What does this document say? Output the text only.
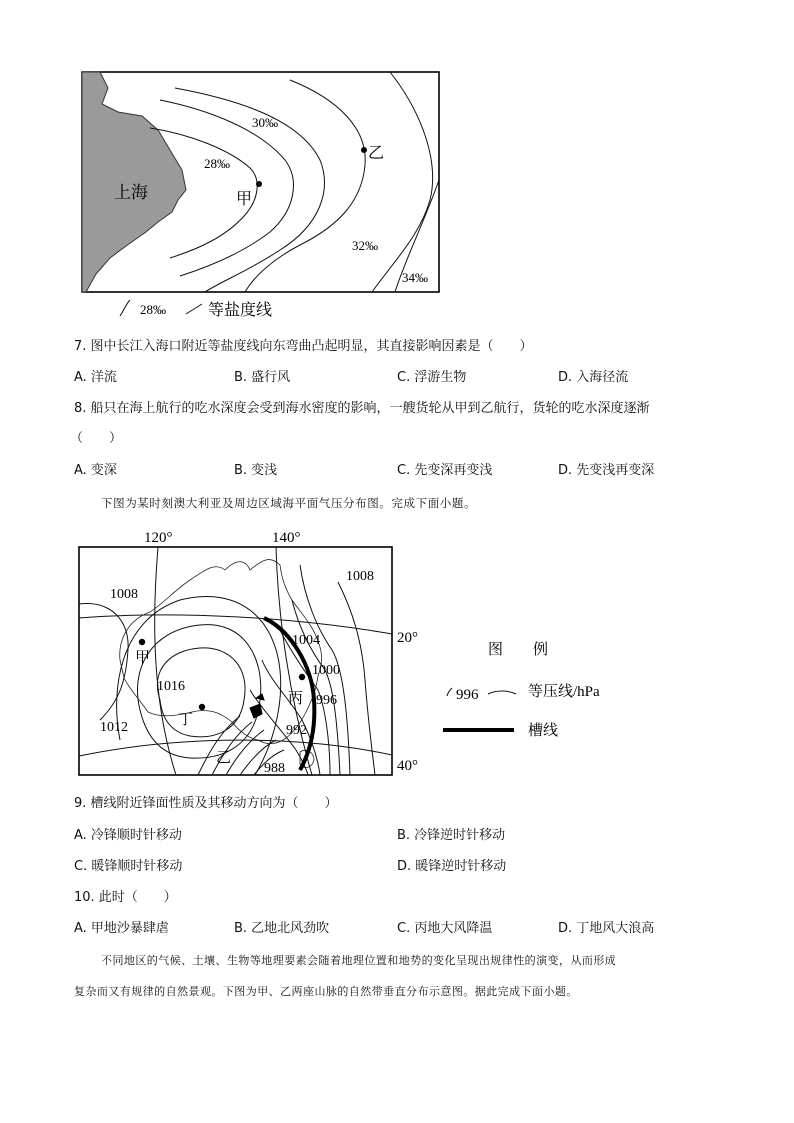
上海	甲
乙
28‰
30‰
32‰
34‰
28‰	等盐度线
7. 图中长江入海口附近等盐度线向东弯曲凸起明显，其直接影响因素是（　　）
A. 洋流	B. 盛行风	C. 浮游生物	D. 入海径流
8. 船只在海上航行的吃水深度会受到海水密度的影响，一艘货轮从甲到乙航行，货轮的吃水深度逐渐
（　　）
A. 变深	B. 变浅	C. 先变深再变浅	D. 先变浅再变深
下图为某时刻澳大利亚及周边区域海平面气压分布图。完成下面小题。
120°	140°
20°
40°
1008
1008
1004
1000
996
992
988
1016
1012
甲
丁
乙
丙
图　　例
996	等压线/hPa
槽线
9. 槽线附近锋面性质及其移动方向为（　　）
A. 冷锋顺时针移动	B. 冷锋逆时针移动
C. 暖锋顺时针移动	D. 暖锋逆时针移动
10. 此时（　　）
A. 甲地沙暴肆虐	B. 乙地北风劲吹	C. 丙地大风降温	D. 丁地风大浪高
不同地区的气候、土壤、生物等地理要素会随着地理位置和地势的变化呈现出规律性的演变，从而形成
复杂而又有规律的自然景观。下图为甲、乙两座山脉的自然带垂直分布示意图。据此完成下面小题。
